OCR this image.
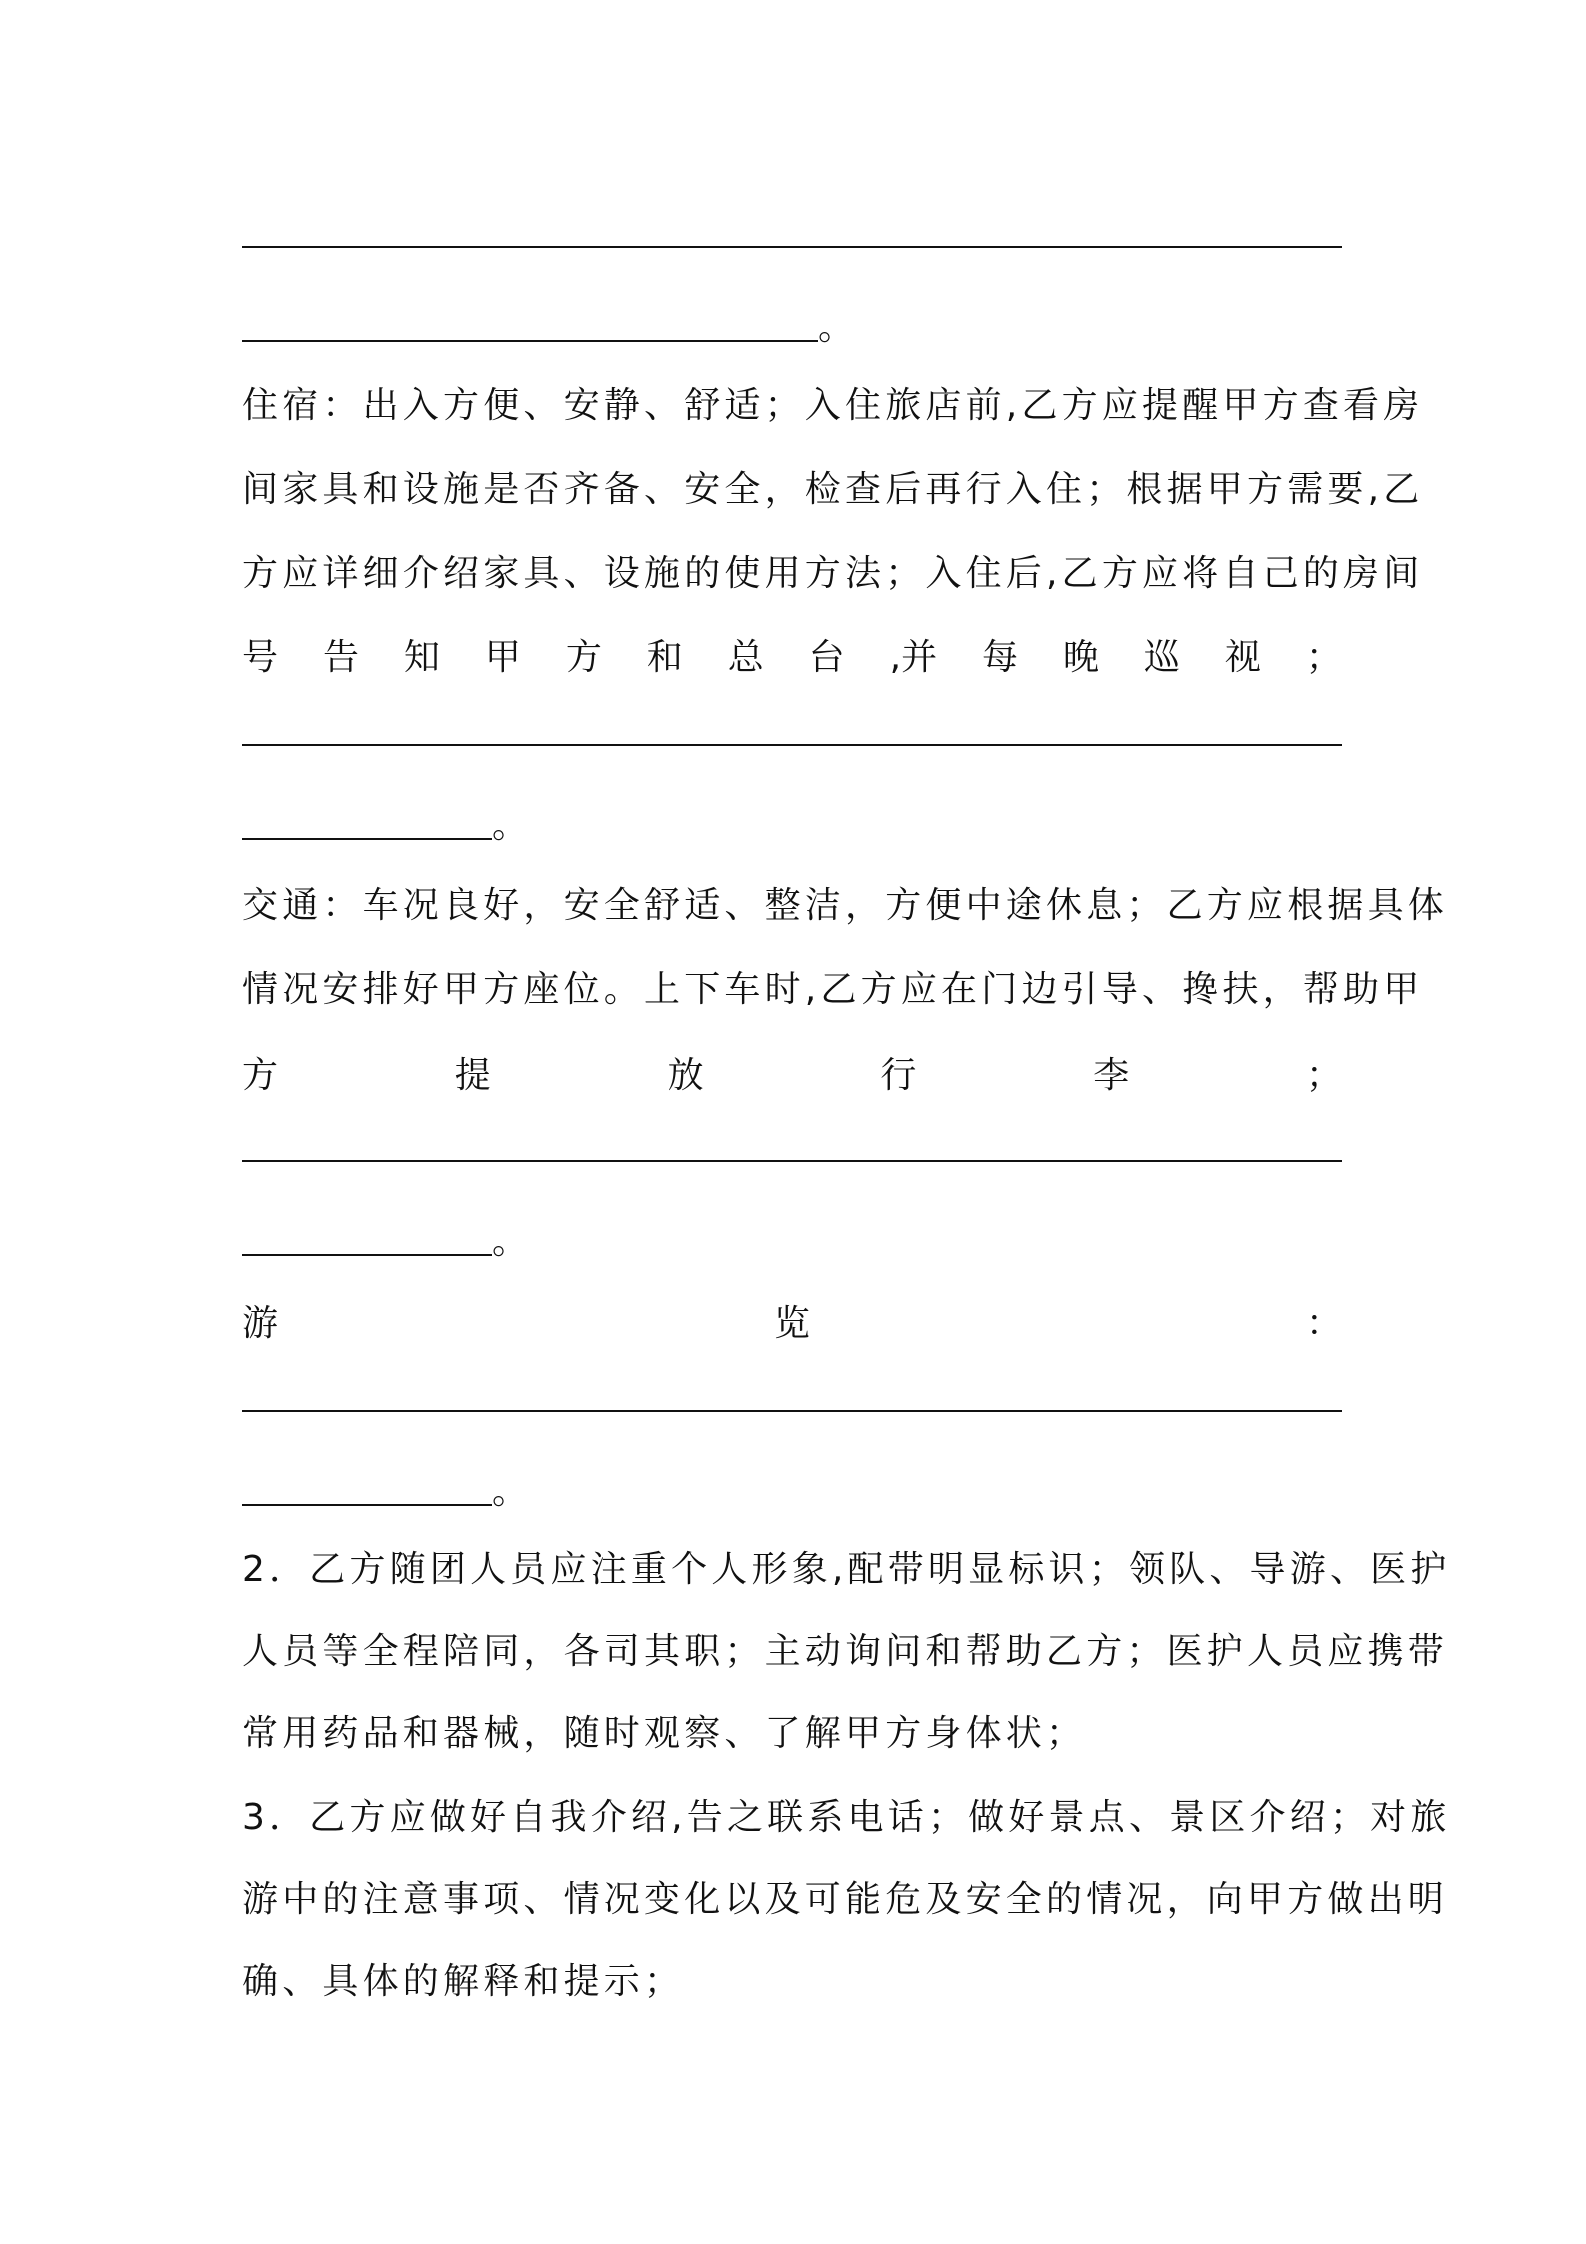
。
住宿：出入方便、安静、舒适；入住旅店前,乙方应提醒甲方查看房
间家具和设施是否齐备、安全，检查后再行入住；根据甲方需要,乙
方应详细介绍家具、设施的使用方法；入住后,乙方应将自己的房间
号 告 知 甲 方 和 总 台 ,并 每 晚 巡 视 ；
。
交通：车况良好，安全舒适、整洁，方便中途休息；乙方应根据具体
情况安排好甲方座位。上下车时,乙方应在门边引导、搀扶，帮助甲
方	提	放	行	李	；
。
游	览	：
。
2．乙方随团人员应注重个人形象,配带明显标识；领队、导游、医护
人员等全程陪同，各司其职；主动询问和帮助乙方；医护人员应携带
常用药品和器械，随时观察、了解甲方身体状；
3．乙方应做好自我介绍,告之联系电话；做好景点、景区介绍；对旅
游中的注意事项、情况变化以及可能危及安全的情况，向甲方做出明
确、具体的解释和提示；
